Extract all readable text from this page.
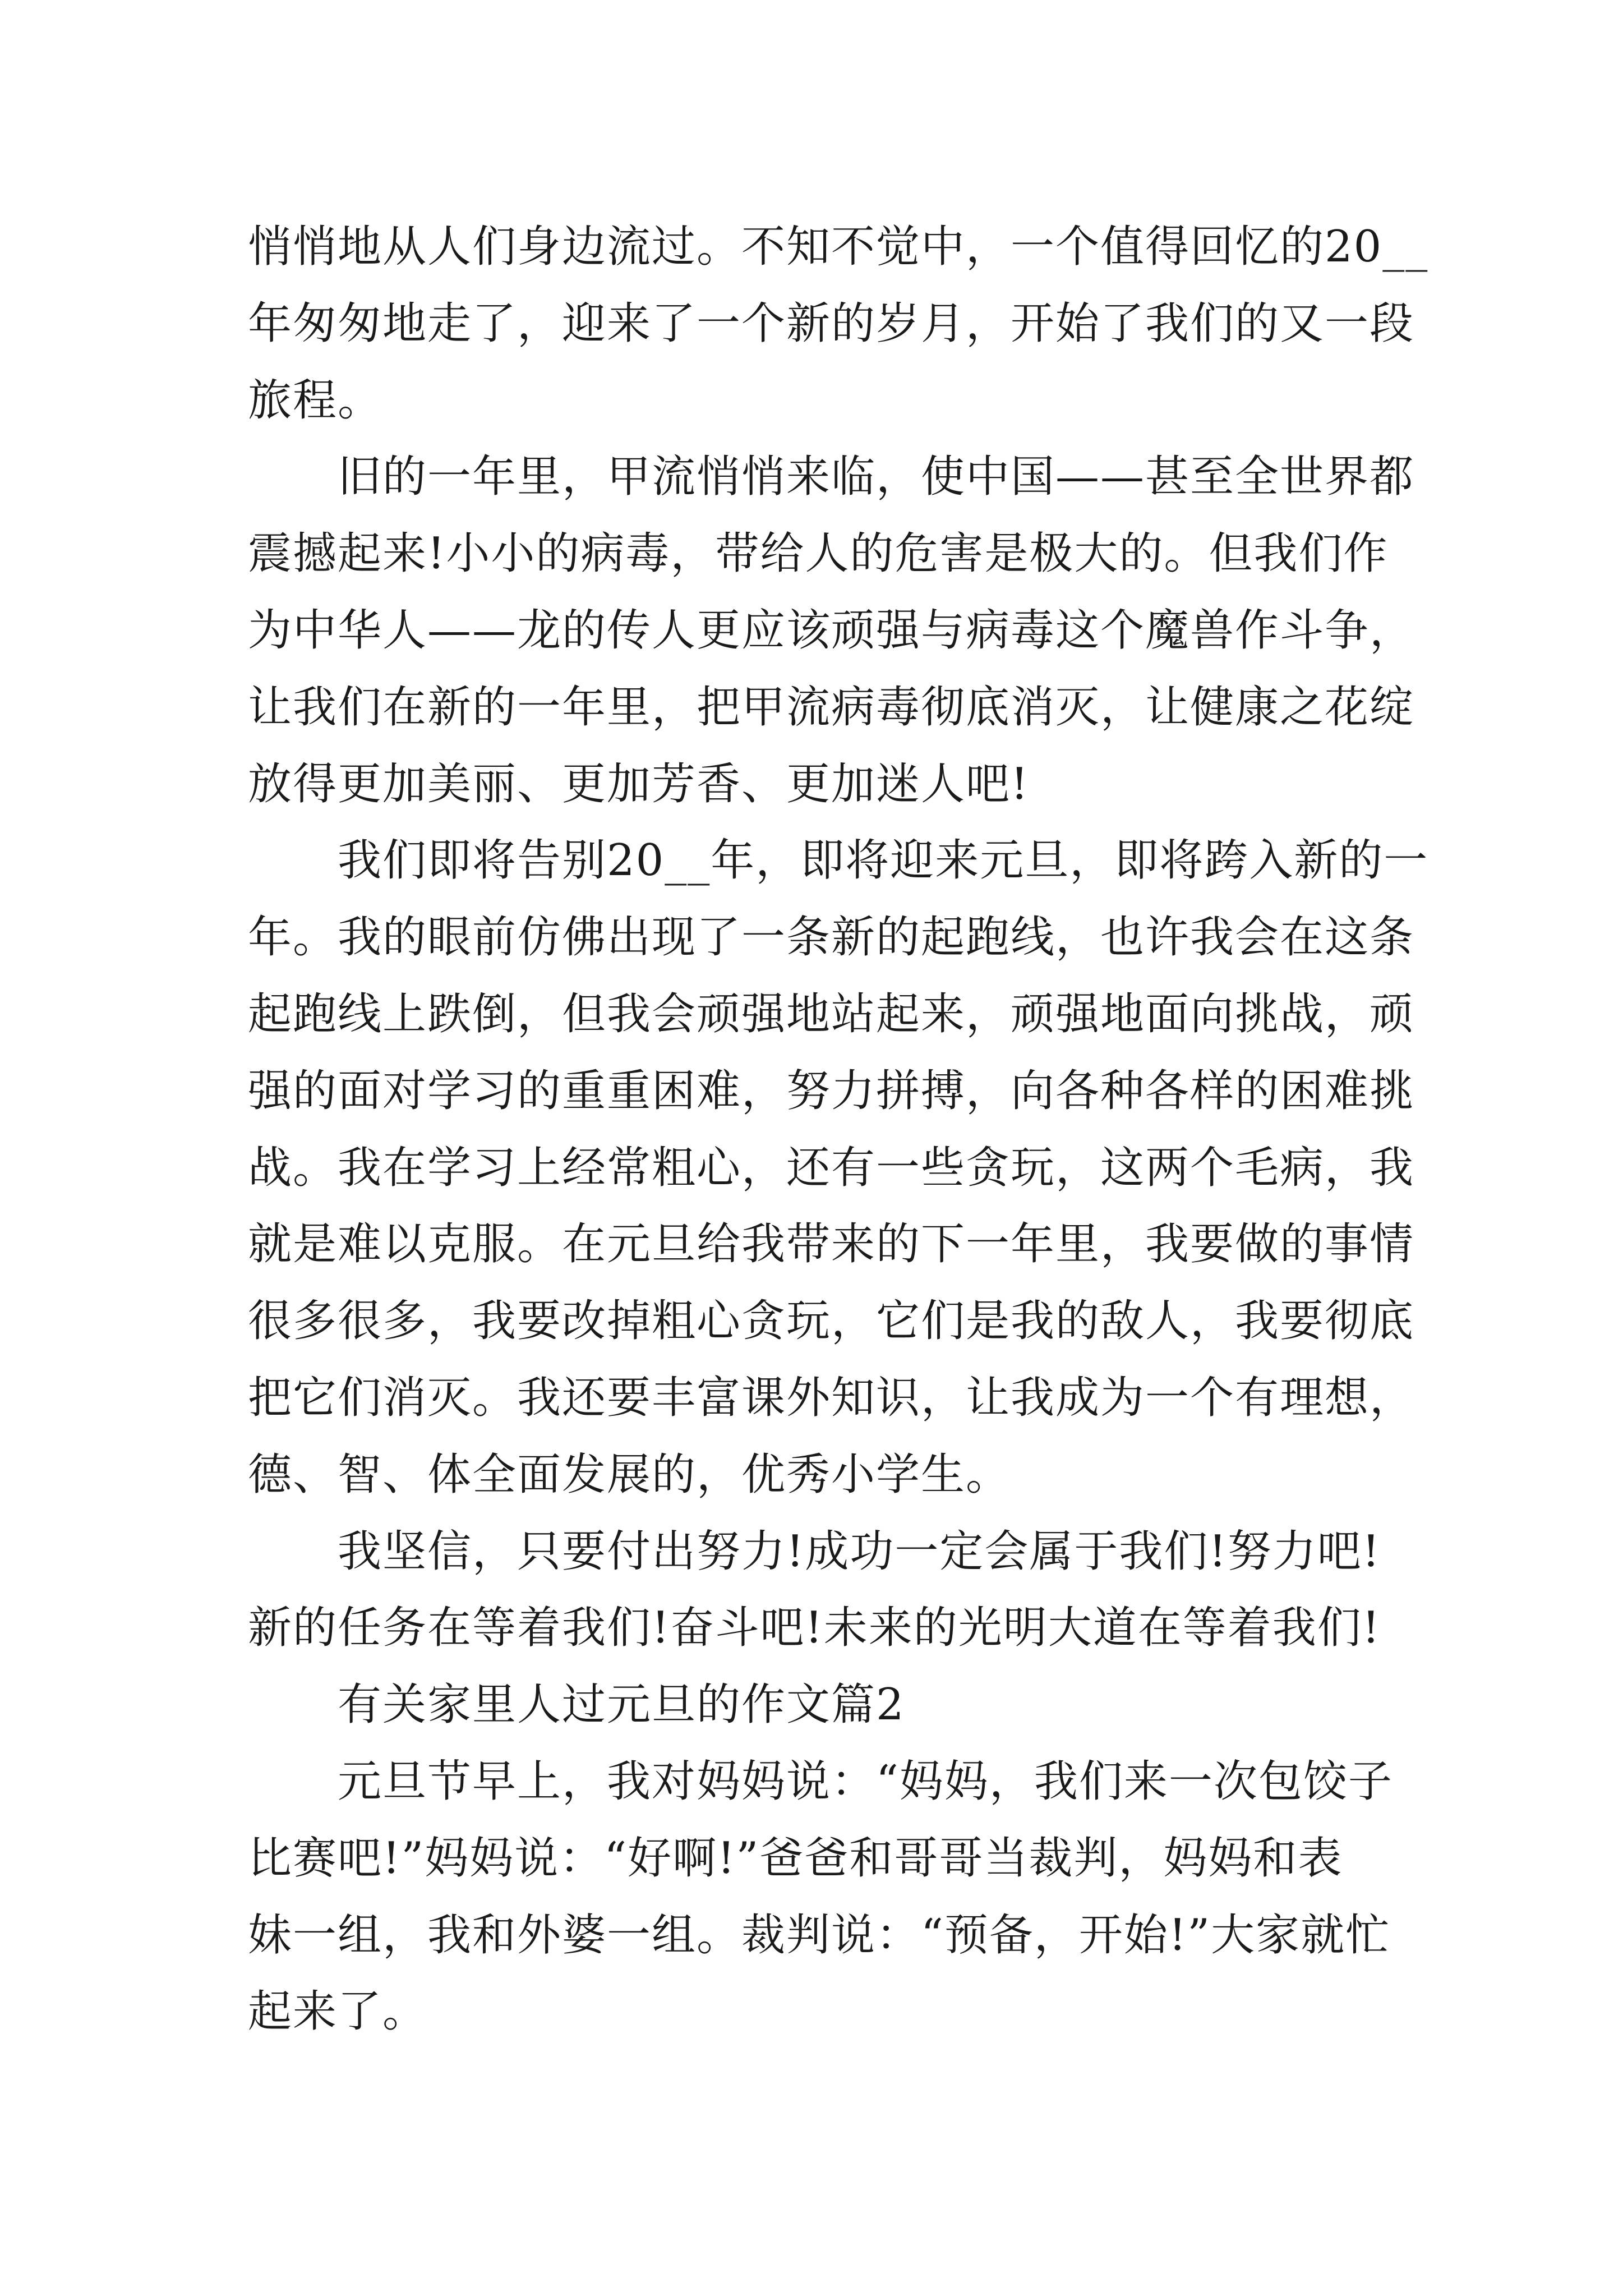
悄悄地从人们身边流过。不知不觉中，一个值得回忆的20__
年匆匆地走了，迎来了一个新的岁月，开始了我们的又一段
旅程。
旧的一年里，甲流悄悄来临，使中国——甚至全世界都
震撼起来!小小的病毒，带给人的危害是极大的。但我们作
为中华人——龙的传人更应该顽强与病毒这个魔兽作斗争，
让我们在新的一年里，把甲流病毒彻底消灭，让健康之花绽
放得更加美丽、更加芳香、更加迷人吧!
我们即将告别20__年，即将迎来元旦，即将跨入新的一
年。我的眼前仿佛出现了一条新的起跑线，也许我会在这条
起跑线上跌倒，但我会顽强地站起来，顽强地面向挑战，顽
强的面对学习的重重困难，努力拼搏，向各种各样的困难挑
战。我在学习上经常粗心，还有一些贪玩，这两个毛病，我
就是难以克服。在元旦给我带来的下一年里，我要做的事情
很多很多，我要改掉粗心贪玩，它们是我的敌人，我要彻底
把它们消灭。我还要丰富课外知识，让我成为一个有理想，
德、智、体全面发展的，优秀小学生。
我坚信，只要付出努力!成功一定会属于我们!努力吧!
新的任务在等着我们!奋斗吧!未来的光明大道在等着我们!
有关家里人过元旦的作文篇2
元旦节早上，我对妈妈说：“妈妈，我们来一次包饺子
比赛吧!”妈妈说：“好啊!”爸爸和哥哥当裁判，妈妈和表
妹一组，我和外婆一组。裁判说：“预备，开始!”大家就忙
起来了。
